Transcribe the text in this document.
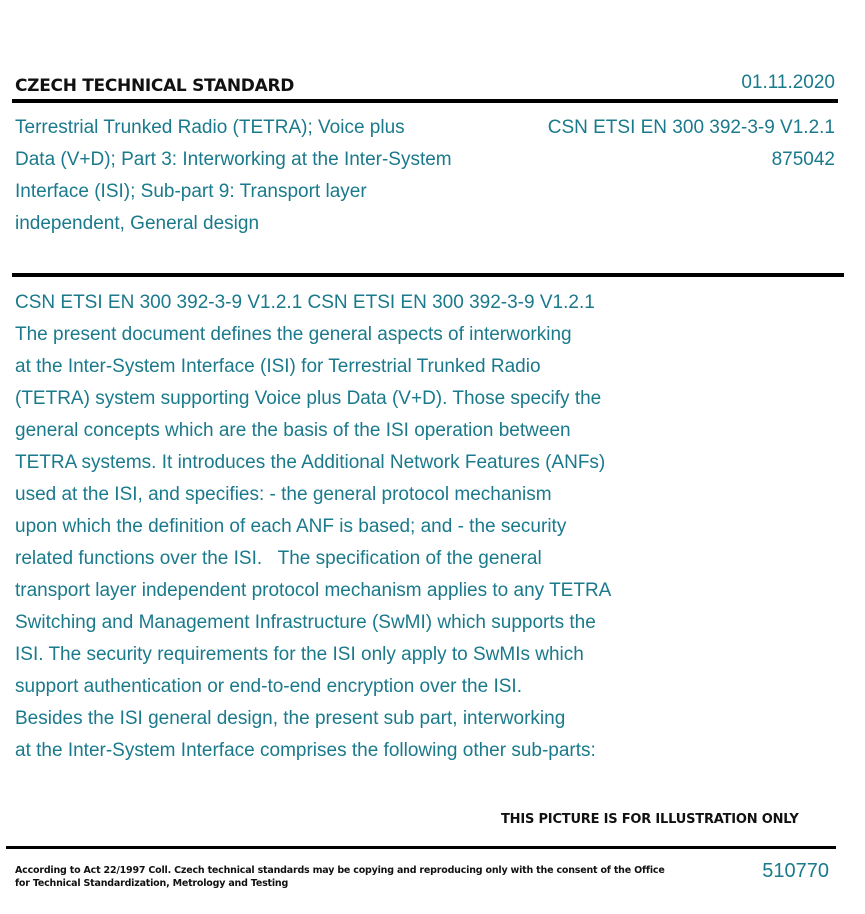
CZECH TECHNICAL STANDARD	01.11.2020
Terrestrial Trunked Radio (TETRA); Voice plus
Data (V+D); Part 3: Interworking at the Inter-System
Interface (ISI); Sub-part 9: Transport layer
independent, General design
CSN ETSI EN 300 392-3-9 V1.2.1
875042
CSN ETSI EN 300 392-3-9 V1.2.1 CSN ETSI EN 300 392-3-9 V1.2.1
The present document defines the general aspects of interworking
at the Inter-System Interface (ISI) for Terrestrial Trunked Radio
(TETRA) system supporting Voice plus Data (V+D). Those specify the
general concepts which are the basis of the ISI operation between
TETRA systems. It introduces the Additional Network Features (ANFs)
used at the ISI, and specifies: - the general protocol mechanism
upon which the definition of each ANF is based; and - the security
related functions over the ISI.   The specification of the general
transport layer independent protocol mechanism applies to any TETRA
Switching and Management Infrastructure (SwMI) which supports the
ISI. The security requirements for the ISI only apply to SwMIs which
support authentication or end-to-end encryption over the ISI.
Besides the ISI general design, the present sub part, interworking
at the Inter-System Interface comprises the following other sub-parts:
THIS PICTURE IS FOR ILLUSTRATION ONLY
According to Act 22/1997 Coll. Czech technical standards may be copying and reproducing only with the consent of the Office
for Technical Standardization, Metrology and Testing
510770
